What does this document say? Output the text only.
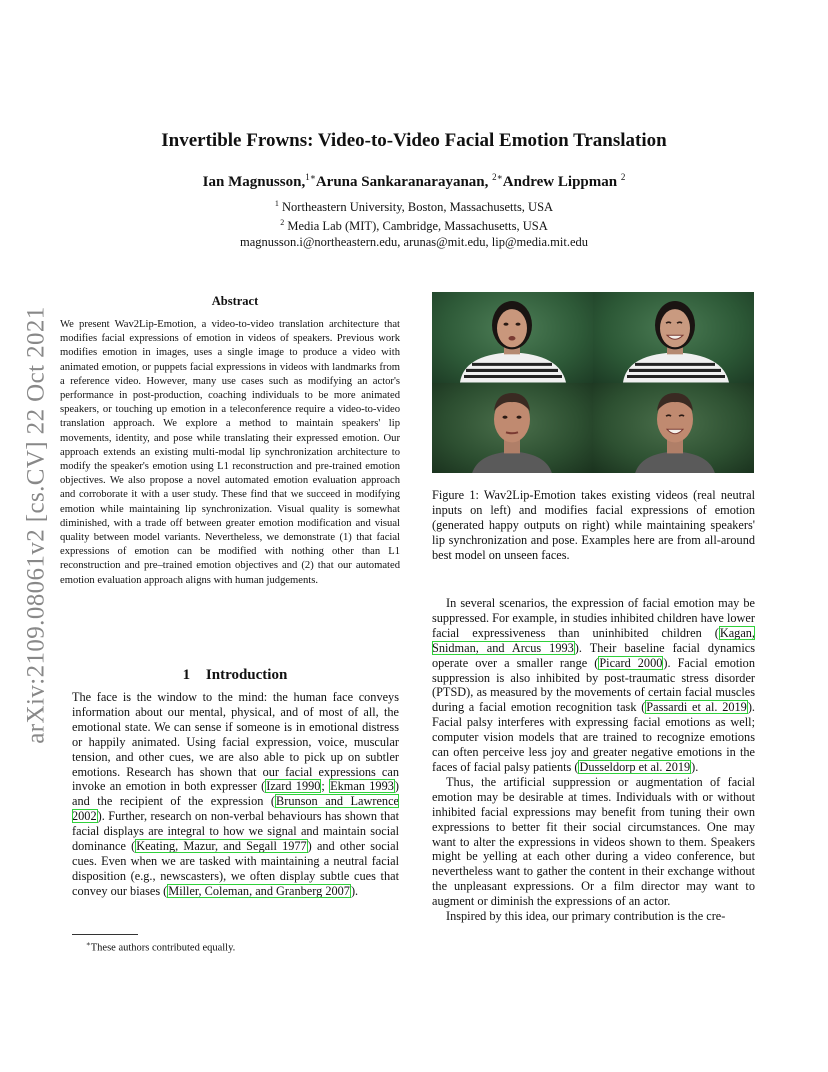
arXiv:2109.08061v2 [cs.CV] 22 Oct 2021
Invertible Frowns: Video-to-Video Facial Emotion Translation
Ian Magnusson,$^{1∗}$Aruna Sankaranarayanan, $^{2∗}$Andrew Lippman $^2$
$^1$ Northeastern University, Boston, Massachusetts, USA
$^2$ Media Lab (MIT), Cambridge, Massachusetts, USA
magnusson.i@northeastern.edu, arunas@mit.edu, lip@media.mit.edu
Abstract
We present Wav2Lip-Emotion, a video-to-video translation architecture that modifies facial expressions of emotion in videos of speakers. Previous work modifies emotion in images, uses a single image to produce a video with animated emotion, or puppets facial expressions in videos with landmarks from a reference video. However, many use cases such as modifying an actor's performance in post-production, coaching individuals to be more animated speakers, or touching up emotion in a teleconference require a video-to-video translation approach. We explore a method to maintain speakers' lip movements, identity, and pose while translating their expressed emotion. Our approach extends an existing multi-modal lip synchronization architecture to modify the speaker's emotion using L1 reconstruction and pre-trained emotion objectives. We also propose a novel automated emotion evaluation approach and corroborate it with a user study. These find that we succeed in modifying emotion while maintaining lip synchronization. Visual quality is somewhat diminished, with a trade off between greater emotion modification and visual quality between model variants. Nevertheless, we demonstrate (1) that facial expressions of emotion can be modified with nothing other than L1 reconstruction and pre–trained emotion objectives and (2) that our automated emotion evaluation approach aligns with human judgements.
1 Introduction
The face is the window to the mind: the human face conveys information about our mental, physical, and of most of all, the emotional state. We can sense if someone is in emotional distress or happily animated. Using facial expression, voice, muscular tension, and other cues, we are also able to pick up on subtler emotions. Research has shown that our facial expressions can invoke an emotion in both expresser (Izard 1990; Ekman 1993) and the recipient of the expression (Brunson and Lawrence 2002). Further, research on non-verbal behaviours has shown that facial displays are integral to how we signal and maintain social dominance (Keating, Mazur, and Segall 1977) and other social cues. Even when we are tasked with maintaining a neutral facial disposition (e.g., newscasters), we often display subtle cues that convey our biases (Miller, Coleman, and Granberg 2007).
∗These authors contributed equally.
Figure 1: Wav2Lip-Emotion takes existing videos (real neutral inputs on left) and modifies facial expressions of emotion (generated happy outputs on right) while maintaining speakers' lip synchronization and pose. Examples here are from all-around best model on unseen faces.

In several scenarios, the expression of facial emotion may be suppressed. For example, in studies inhibited children have lower facial expressiveness than uninhibited children (Kagan, Snidman, and Arcus 1993). Their baseline facial dynamics operate over a smaller range (Picard 2000). Facial emotion suppression is also inhibited by post-traumatic stress disorder (PTSD), as measured by the movements of certain facial muscles during a facial emotion recognition task (Passardi et al. 2019). Facial palsy interferes with expressing facial emotions as well; computer vision models that are trained to recognize emotions can often perceive less joy and greater negative emotions in the faces of facial palsy patients (Dusseldorp et al. 2019).

Thus, the artificial suppression or augmentation of facial emotion may be desirable at times. Individuals with or without inhibited facial expressions may benefit from tuning their own expressions to better fit their social circumstances. One may want to alter the expressions in videos shown to them. Speakers might be yelling at each other during a video conference, but nevertheless want to gather the content in their exchange without the unpleasant expressions. Or a film director may want to augment or diminish the expressions of an actor.

Inspired by this idea, our primary contribution is the cre-
